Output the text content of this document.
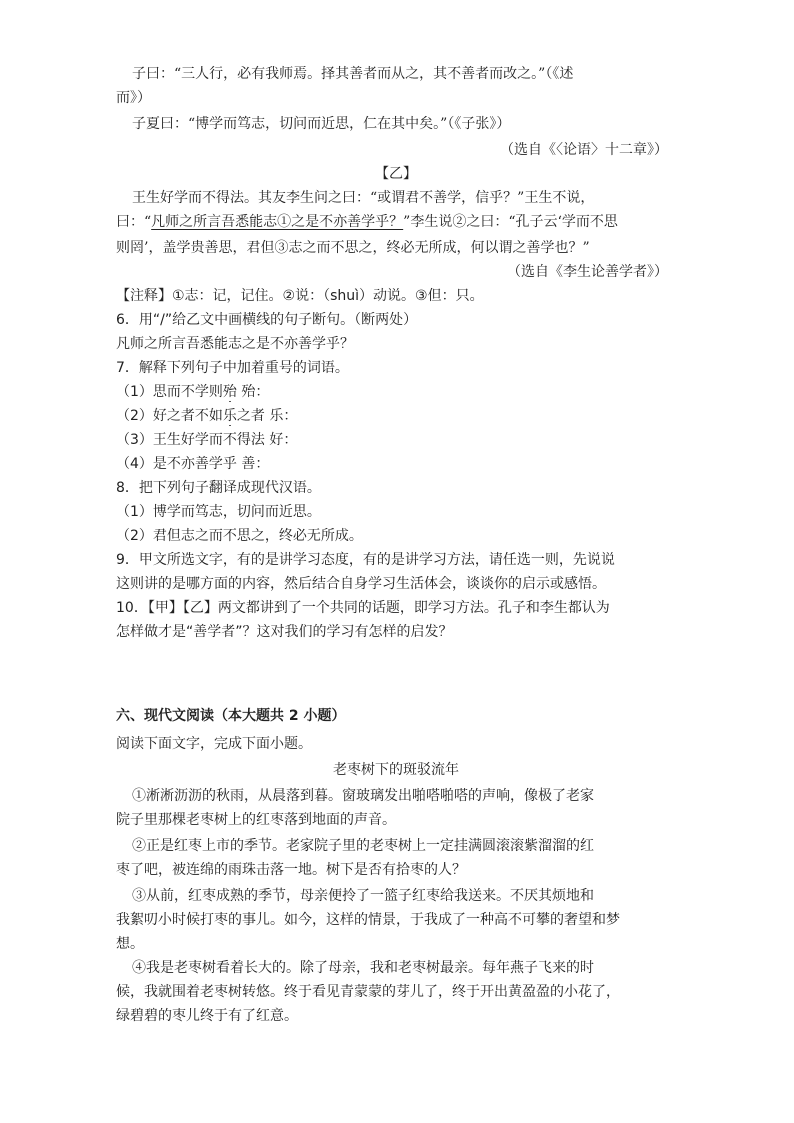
子曰：“三人行，必有我师焉。择其善者而从之，其不善者而改之。”（《述
而》）
子夏曰：“博学而笃志，切问而近思，仁在其中矣。”（《子张》）
（选自《〈论语〉十二章》）
【乙】
王生好学而不得法。其友李生问之曰：“或谓君不善学，信乎？”王生不说，
曰：“凡师之所言吾悉能志①之是不亦善学乎？”李生说②之曰：“孔子云‘学而不思
则罔’，盖学贵善思，君但③志之而不思之，终必无所成，何以谓之善学也？”
（选自《李生论善学者》）
【注释】①志：记，记住。②说：（shuì）动说。③但：只。
6．用“/”给乙文中画横线的句子断句。（断两处）
凡师之所言吾悉能志之是不亦善学乎？
7．解释下列句子中加着重号的词语。
（1）思而不学则殆 殆：
（2）好之者不如乐之者 乐：
（3）王生好学而不得法 好：
（4）是不亦善学乎 善：
8．把下列句子翻译成现代汉语。
（1）博学而笃志，切问而近思。
（2）君但志之而不思之，终必无所成。
9．甲文所选文字，有的是讲学习态度，有的是讲学习方法，请任选一则，先说说
这则讲的是哪方面的内容，然后结合自身学习生活体会，谈谈你的启示或感悟。
10．【甲】【乙】两文都讲到了一个共同的话题，即学习方法。孔子和李生都认为
怎样做才是“善学者”？这对我们的学习有怎样的启发？
六、现代文阅读（本大题共 2 小题）
阅读下面文字，完成下面小题。
老枣树下的斑驳流年
①淅淅沥沥的秋雨，从晨落到暮。窗玻璃发出啪嗒啪嗒的声响，像极了老家
院子里那棵老枣树上的红枣落到地面的声音。
②正是红枣上市的季节。老家院子里的老枣树上一定挂满圆滚滚紫溜溜的红
枣了吧，被连绵的雨珠击落一地。树下是否有拾枣的人？
③从前，红枣成熟的季节，母亲便拎了一篮子红枣给我送来。不厌其烦地和
我絮叨小时候打枣的事儿。如今，这样的情景，于我成了一种高不可攀的奢望和梦
想。
④我是老枣树看着长大的。除了母亲，我和老枣树最亲。每年燕子飞来的时
候，我就围着老枣树转悠。终于看见青蒙蒙的芽儿了，终于开出黄盈盈的小花了，
绿碧碧的枣儿终于有了红意。
